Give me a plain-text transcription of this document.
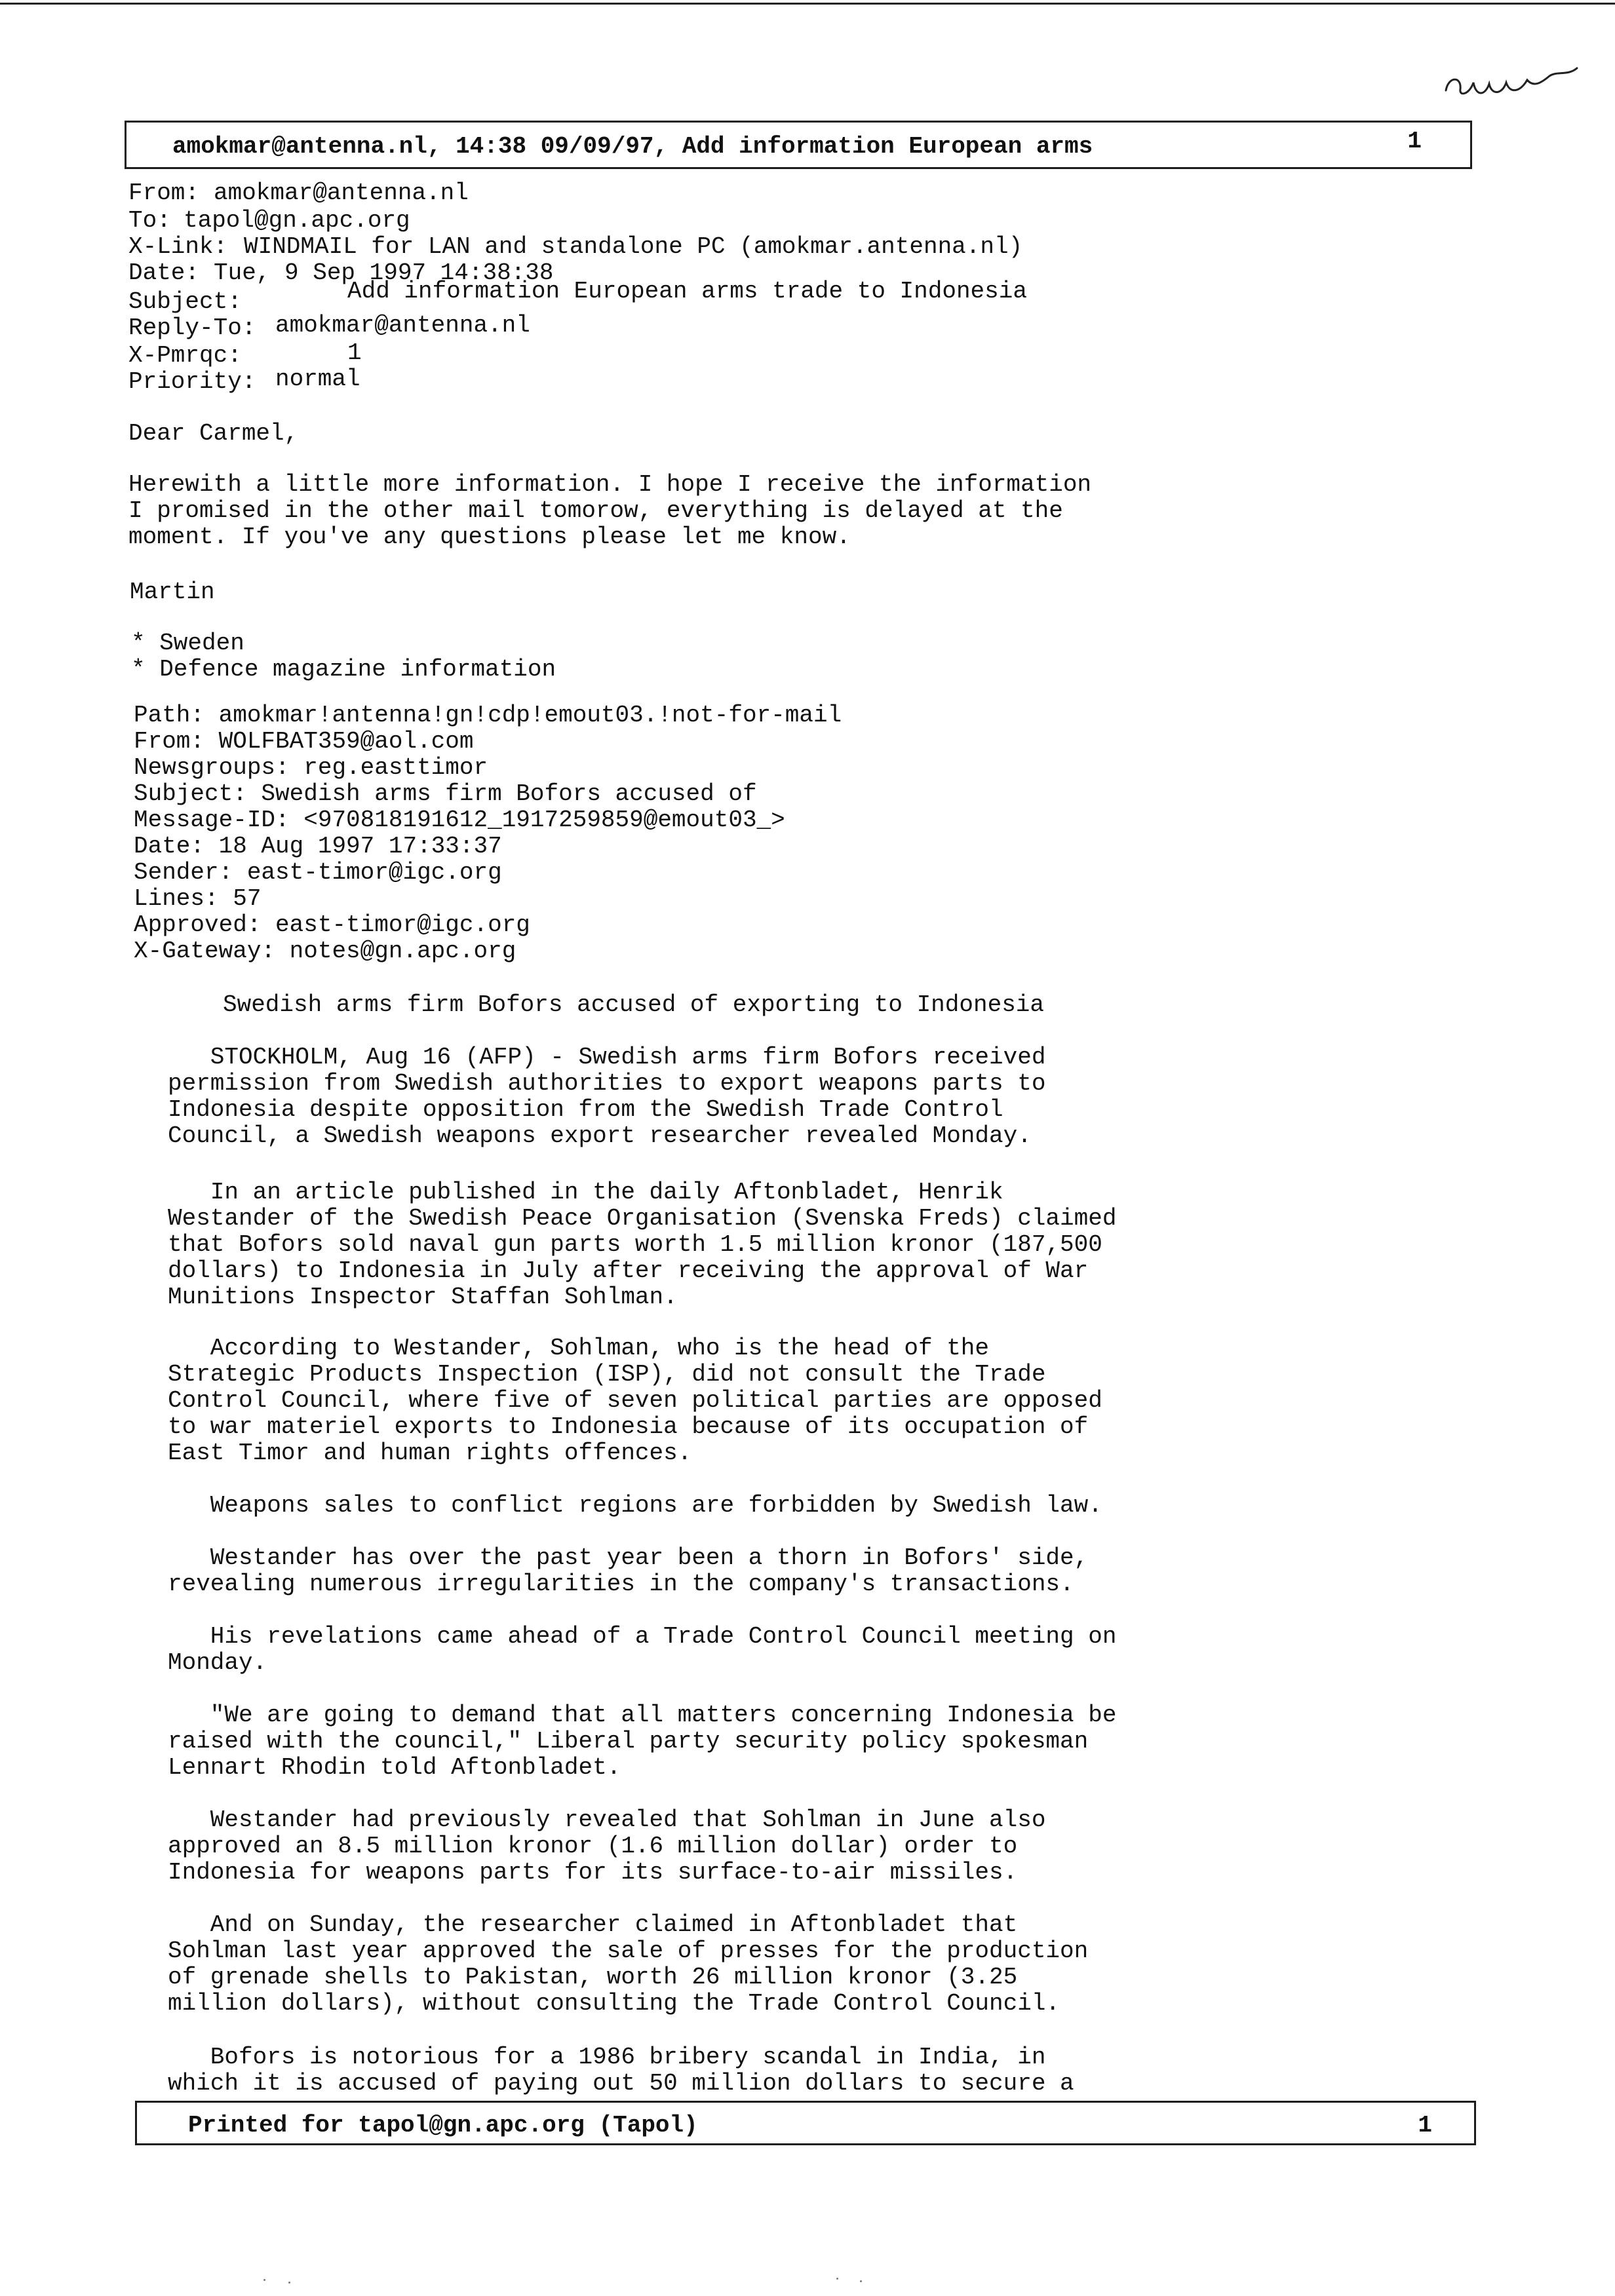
amokmar@antenna.nl, 14:38 09/09/97, Add information European arms	1
From: amokmar@antenna.nl
To: tapol@gn.apc.org
X-Link: WINDMAIL for LAN and standalone PC (amokmar.antenna.nl)
Date: Tue, 9 Sep 1997 14:38:38
Subject:	Add information European arms trade to Indonesia
Reply-To: amokmar@antenna.nl
X-Pmrqc:	1
Priority: normal
Dear Carmel,
Herewith a little more information. I hope I receive the information
I promised in the other mail tomorow, everything is delayed at the
moment. If you've any questions please let me know.
Martin
* Sweden
* Defence magazine information
Path: amokmar!antenna!gn!cdp!emout03.!not-for-mail
From: WOLFBAT359@aol.com
Newsgroups: reg.easttimor
Subject: Swedish arms firm Bofors accused of
Message-ID: <970818191612_1917259859@emout03_>
Date: 18 Aug 1997 17:33:37
Sender: east-timor@igc.org
Lines: 57
Approved: east-timor@igc.org
X-Gateway: notes@gn.apc.org
Swedish arms firm Bofors accused of exporting to Indonesia
STOCKHOLM, Aug 16 (AFP) - Swedish arms firm Bofors received
permission from Swedish authorities to export weapons parts to
Indonesia despite opposition from the Swedish Trade Control
Council, a Swedish weapons export researcher revealed Monday.
In an article published in the daily Aftonbladet, Henrik
Westander of the Swedish Peace Organisation (Svenska Freds) claimed
that Bofors sold naval gun parts worth 1.5 million kronor (187,500
dollars) to Indonesia in July after receiving the approval of War
Munitions Inspector Staffan Sohlman.
According to Westander, Sohlman, who is the head of the
Strategic Products Inspection (ISP), did not consult the Trade
Control Council, where five of seven political parties are opposed
to war materiel exports to Indonesia because of its occupation of
East Timor and human rights offences.
Weapons sales to conflict regions are forbidden by Swedish law.
Westander has over the past year been a thorn in Bofors' side,
revealing numerous irregularities in the company's transactions.
His revelations came ahead of a Trade Control Council meeting on
Monday.
"We are going to demand that all matters concerning Indonesia be
raised with the council," Liberal party security policy spokesman
Lennart Rhodin told Aftonbladet.
Westander had previously revealed that Sohlman in June also
approved an 8.5 million kronor (1.6 million dollar) order to
Indonesia for weapons parts for its surface-to-air missiles.
And on Sunday, the researcher claimed in Aftonbladet that
Sohlman last year approved the sale of presses for the production
of grenade shells to Pakistan, worth 26 million kronor (3.25
million dollars), without consulting the Trade Control Council.
Bofors is notorious for a 1986 bribery scandal in India, in
which it is accused of paying out 50 million dollars to secure a
Printed for tapol@gn.apc.org (Tapol)	1
